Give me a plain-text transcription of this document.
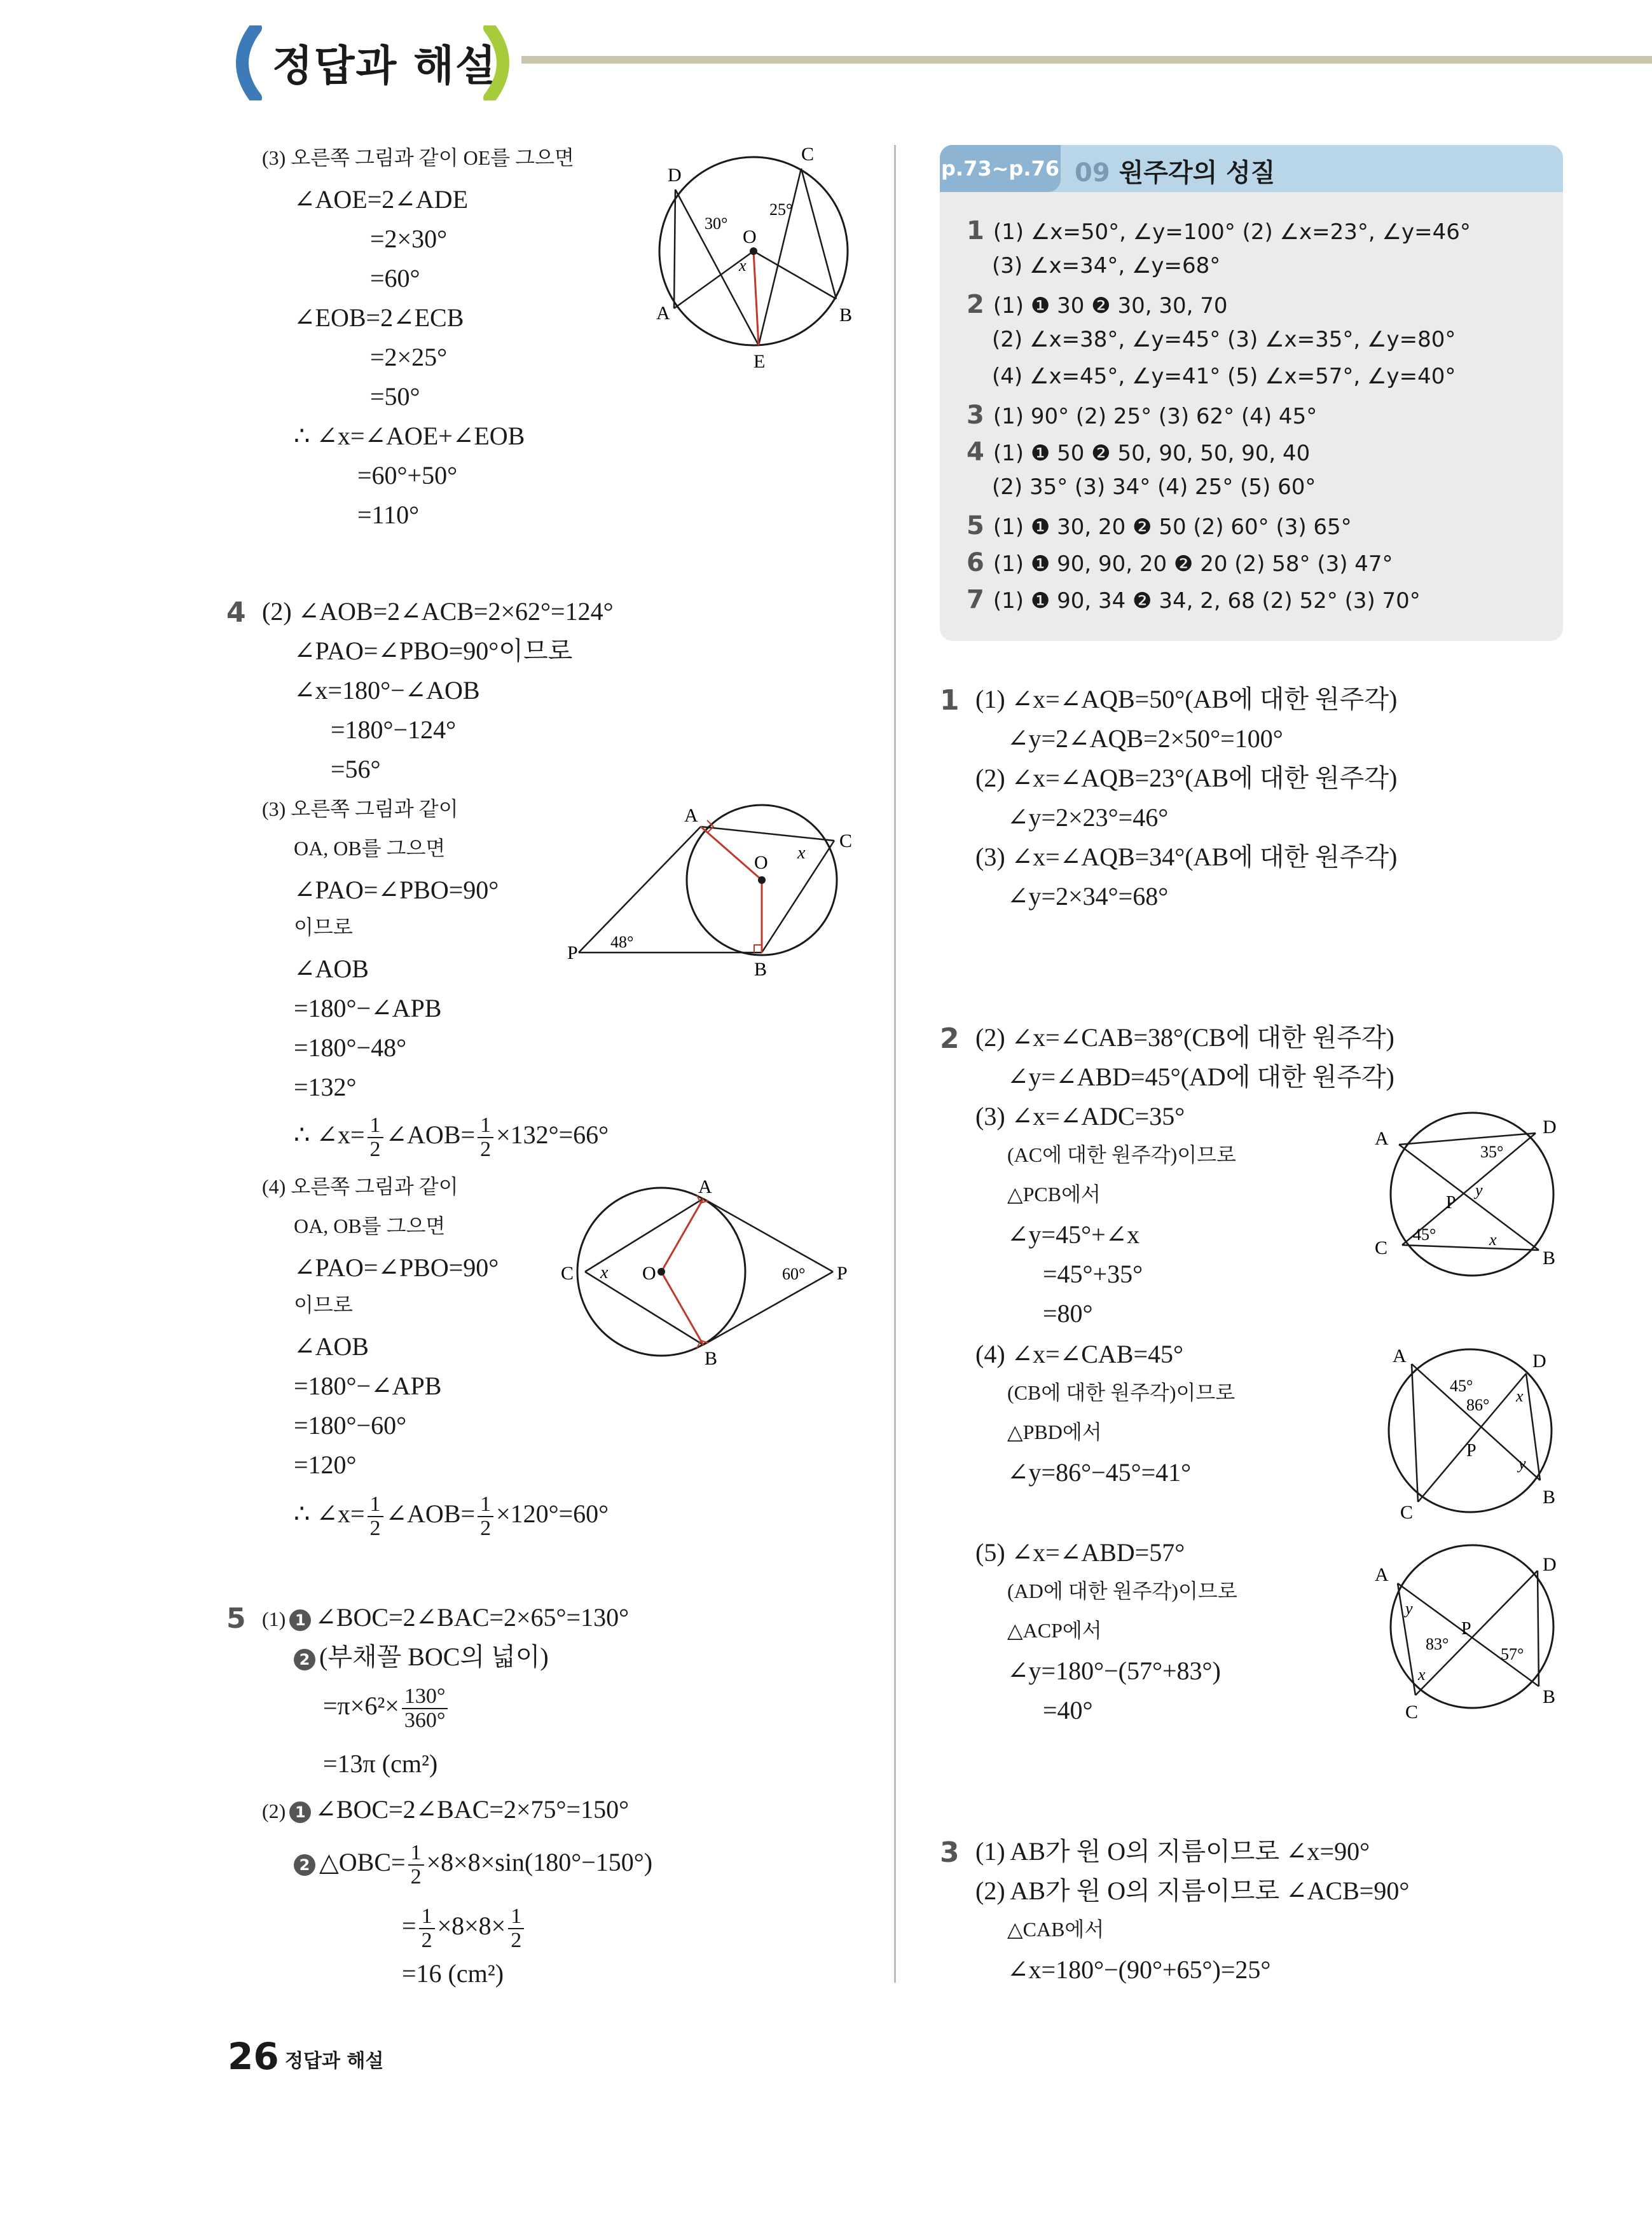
정답과 해설
(3) 오른쪽 그림과 같이 OE를 그으면
∠AOE=2∠ADE
=2×30°
=60°
∠EOB=2∠ECB
=2×25°
=50°
∴ ∠x=∠AOE+∠EOB
=60°+50°
=110°
D
C
O
A	B
E
30°
25°
x
4 (2) ∠AOB=2∠ACB=2×62°=124°
∠PAO=∠PBO=90°이므로
∠x=180°−∠AOB
=180°−124°
=56°
(3) 오른쪽 그림과 같이
OA, OB를 그으면
∠PAO=∠PBO=90°
이므로
∠AOB
=180°−∠APB
=180°−48°
=132°
∴ ∠x= $\frac{1}{2}$ ∠AOB= $\frac{1}{2} \times 132^\circ=66^\circ$
A
C
O x
P
48°
B
(4) 오른쪽 그림과 같이
OA, OB를 그으면
∠PAO=∠PBO=90°
이므로
∠AOB
=180°−∠APB
=180°−60°
=120°
∴ ∠x= $\frac{1}{2}$ ∠AOB= $\frac{1}{2} \times 120^\circ=60^\circ$
A
C x O	60° P
B
5 (1) 1 ∠BOC=2∠BAC=2×65°=130°
2 (부채꼴 BOC의 넓이)
$=\pi\times 6^2\times \frac{130^\circ}{360^\circ}$
=13π (cm²)
(2) 1 ∠BOC=2∠BAC=2×75°=150°
2 △OBC= $\frac{1}{2} \times 8\times 8\times\sin(180^\circ-150^\circ)$
= $\frac{1}{2} \times 8\times 8\times \frac{1}{2}$
=16 (cm²)
p.73~p.76 09 원주각의 성질
1 (1) ∠x=50°, ∠y=100° (2) ∠x=23°, ∠y=46°
(3) ∠x=34°, ∠y=68°
2 (1) ❶ 30 ❷ 30, 30, 70
(2) ∠x=38°, ∠y=45° (3) ∠x=35°, ∠y=80°
(4) ∠x=45°, ∠y=41° (5) ∠x=57°, ∠y=40°
3 (1) 90° (2) 25° (3) 62° (4) 45°
4 (1) ❶ 50 ❷ 50, 90, 50, 90, 40
(2) 35° (3) 34° (4) 25° (5) 60°
5 (1) ❶ 30, 20 ❷ 50 (2) 60° (3) 65°
6 (1) ❶ 90, 90, 20 ❷ 20 (2) 58° (3) 47°
7 (1) ❶ 90, 34 ❷ 34, 2, 68 (2) 52° (3) 70°
1 (1) ∠x=∠AQB=50°(AB에 대한 원주각)
∠y=2∠AQB=2×50°=100°
(2) ∠x=∠AQB=23°(AB에 대한 원주각)
∠y=2×23°=46°
(3) ∠x=∠AQB=34°(AB에 대한 원주각)
∠y=2×34°=68°
2 (2) ∠x=∠CAB=38°(CB에 대한 원주각)
∠y=∠ABD=45°(AD에 대한 원주각)
(3) ∠x=∠ADC=35°
(AC에 대한 원주각)이므로
△PCB에서
∠y=45°+∠x
=45°+35°
=80°
(4) ∠x=∠CAB=45°
(CB에 대한 원주각)이므로
△PBD에서
∠y=86°−45°=41°
(5) ∠x=∠ABD=57°
(AD에 대한 원주각)이므로
△ACP에서
∠y=180°−(57°+83°)
=40°
A
D
35°
P
y
C
45°	x
B
A	D
45°
86° x
P
y
C
B
A	D
y
P
83°
57°
x
C
B
3 (1) AB가 원 O의 지름이므로 ∠x=90°
(2) AB가 원 O의 지름이므로 ∠ACB=90°
△CAB에서
∠x=180°−(90°+65°)=25°
26 정답과 해설
